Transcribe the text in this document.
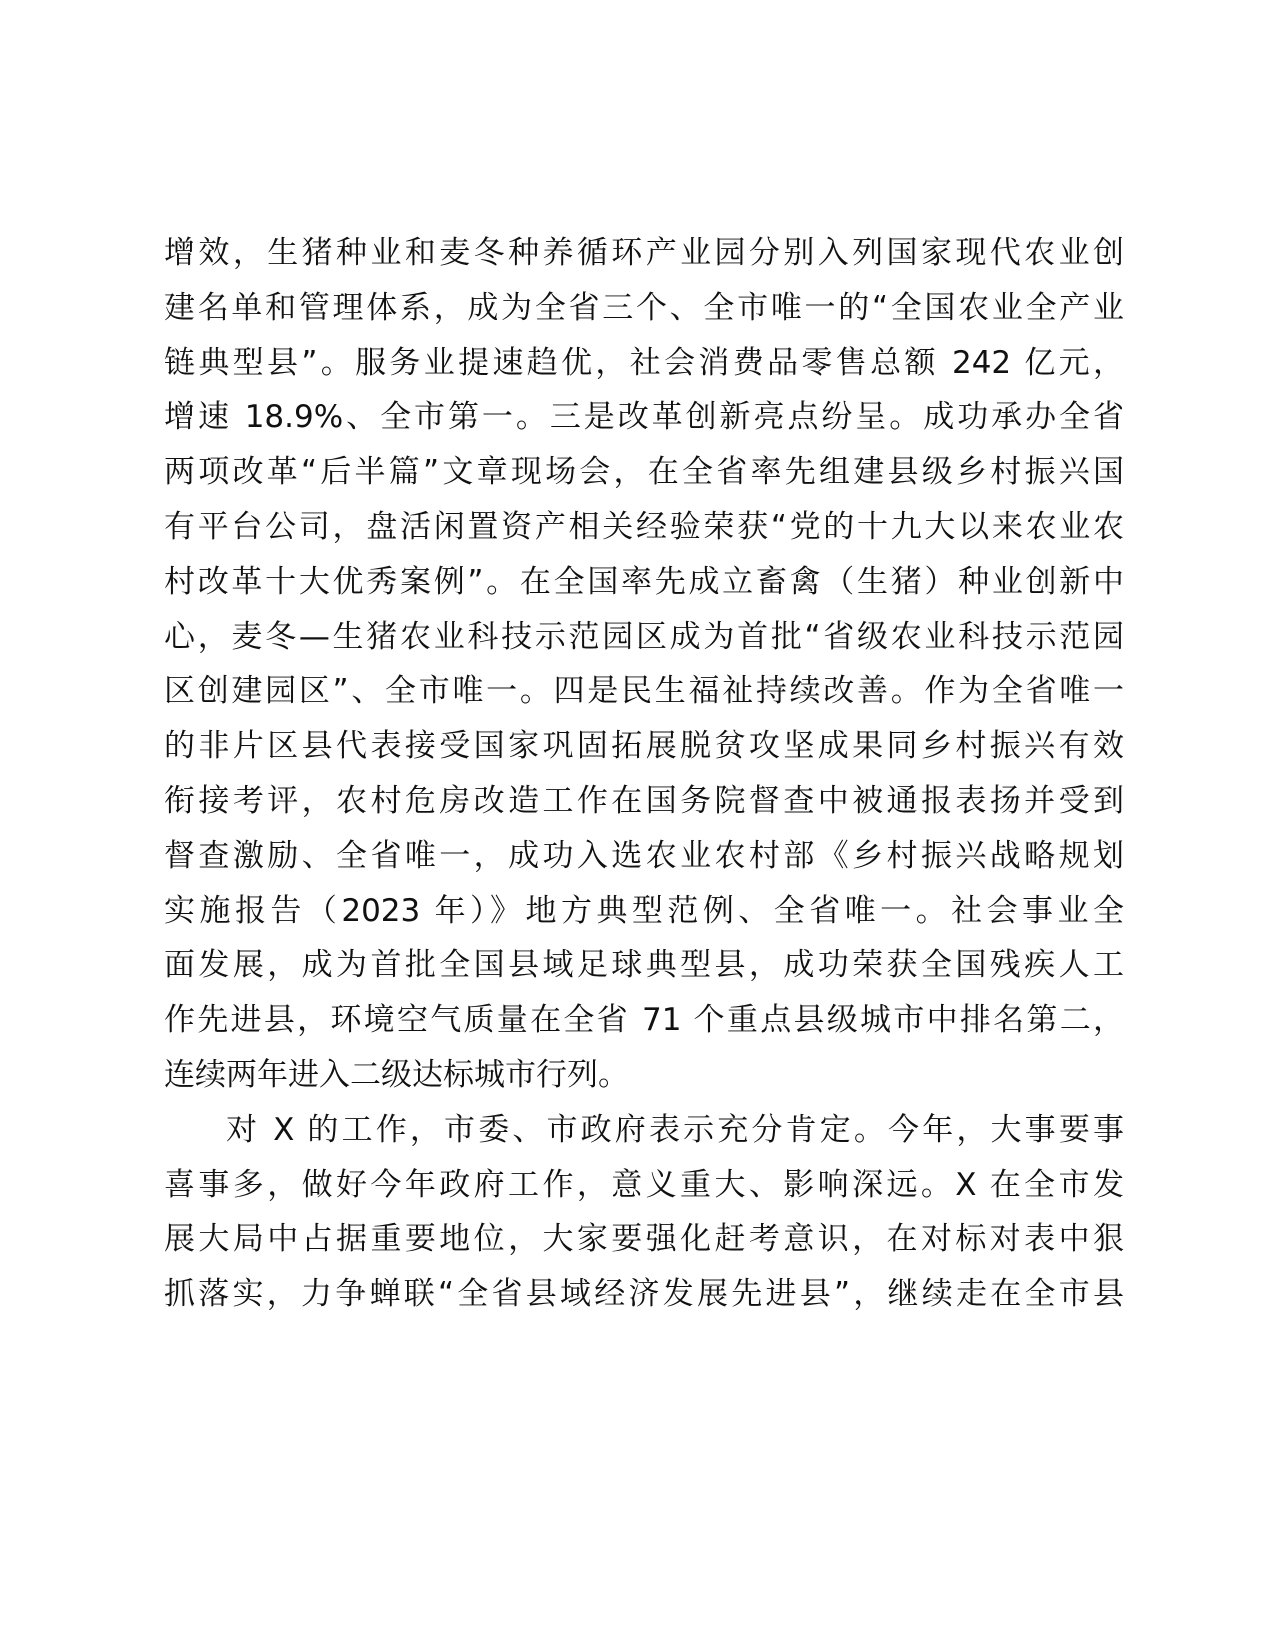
增效，生猪种业和麦冬种养循环产业园分别入列国家现代农业创
建名单和管理体系，成为全省三个、全市唯一的“全国农业全产业
链典型县”。服务业提速趋优，社会消费品零售总额 242 亿元，
增速 18.9%、全市第一。三是改革创新亮点纷呈。成功承办全省
两项改革“后半篇”文章现场会，在全省率先组建县级乡村振兴国
有平台公司，盘活闲置资产相关经验荣获“党的十九大以来农业农
村改革十大优秀案例”。在全国率先成立畜禽（生猪）种业创新中
心，麦冬—生猪农业科技示范园区成为首批“省级农业科技示范园
区创建园区”、全市唯一。四是民生福祉持续改善。作为全省唯一
的非片区县代表接受国家巩固拓展脱贫攻坚成果同乡村振兴有效
衔接考评，农村危房改造工作在国务院督查中被通报表扬并受到
督查激励、全省唯一，成功入选农业农村部《乡村振兴战略规划
实施报告（2023 年）》地方典型范例、全省唯一。社会事业全
面发展，成为首批全国县域足球典型县，成功荣获全国残疾人工
作先进县，环境空气质量在全省 71 个重点县级城市中排名第二，
连续两年进入二级达标城市行列。
对 X 的工作，市委、市政府表示充分肯定。今年，大事要事
喜事多，做好今年政府工作，意义重大、影响深远。X 在全市发
展大局中占据重要地位，大家要强化赶考意识，在对标对表中狠
抓落实，力争蝉联“全省县域经济发展先进县”，继续走在全市县
